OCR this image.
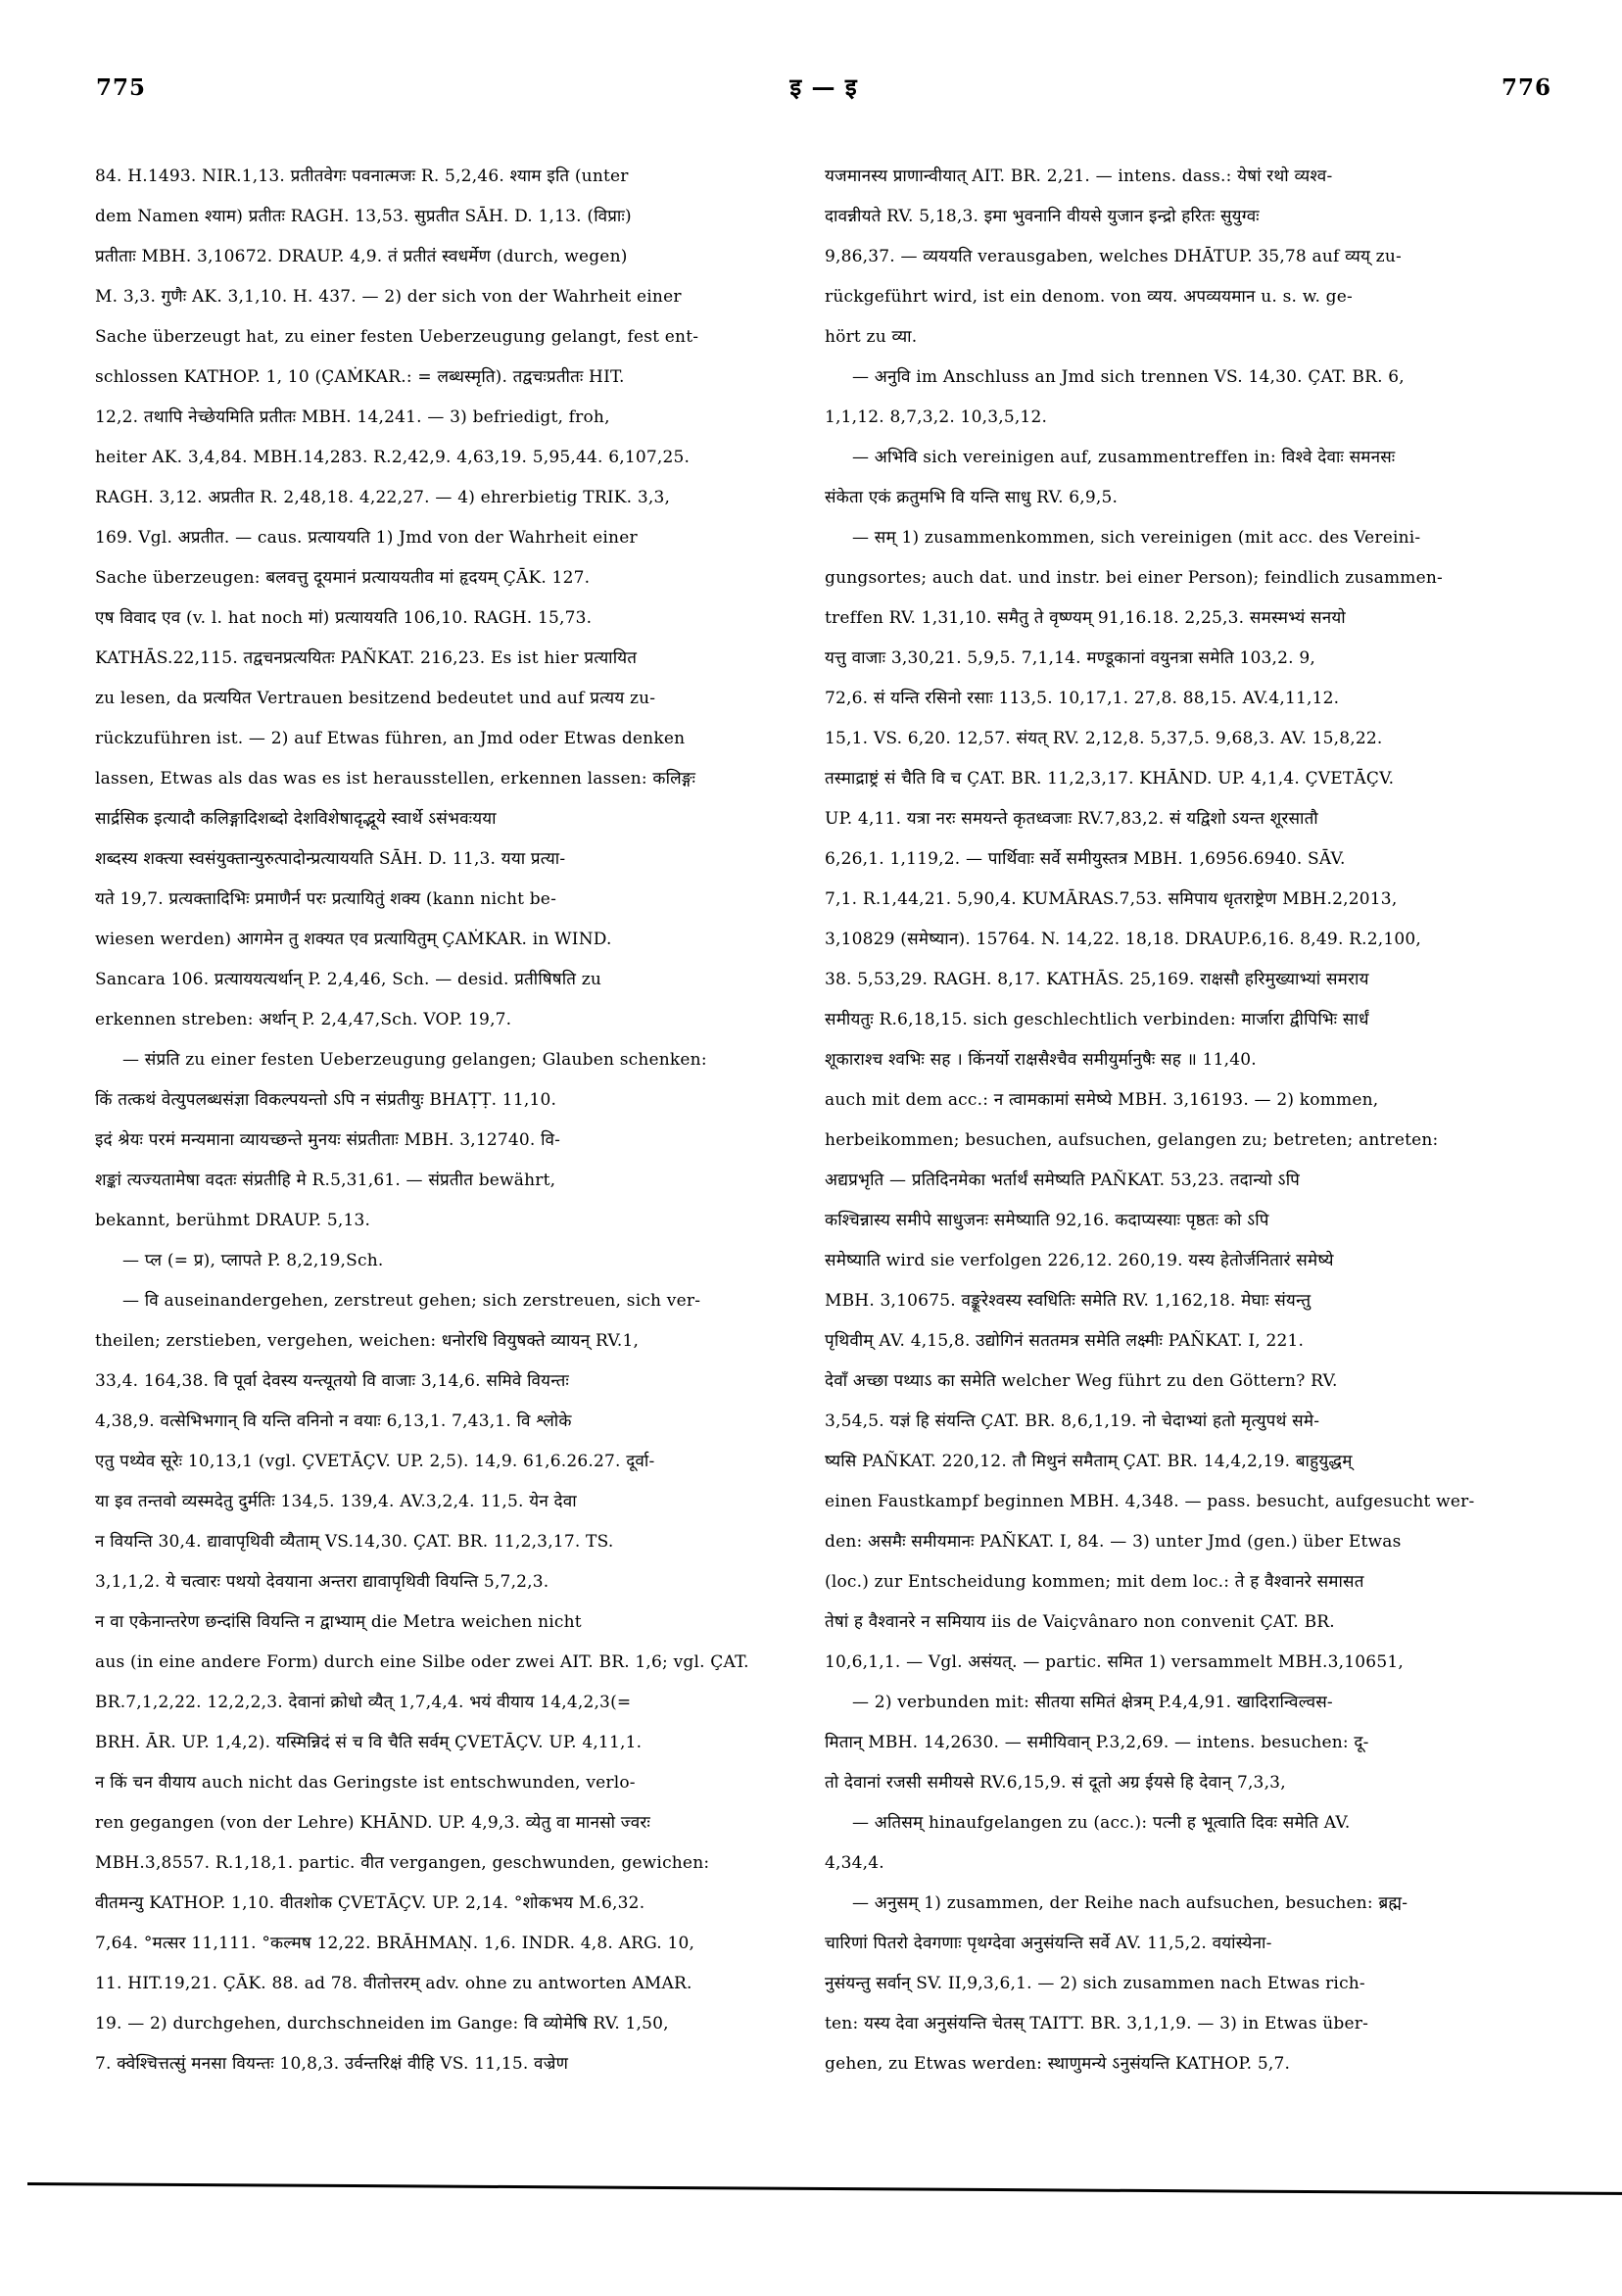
775	इ — इ	776
84. H.1493. NIR.1,13. प्रतीतवेगः पवनात्मजः R. 5,2,46. श्याम इति (unter
dem Namen श्याम) प्रतीतः RAGH. 13,53. सुप्रतीत SĀH. D. 1,13. (विप्राः)
प्रतीताः MBH. 3,10672. DRAUP. 4,9. तं प्रतीतं स्वधर्मेण (durch, wegen)
M. 3,3. गुणैः AK. 3,1,10. H. 437. — 2) der sich von der Wahrheit einer
Sache überzeugt hat, zu einer festen Ueberzeugung gelangt, fest ent-
schlossen KATHOP. 1, 10 (ÇAṀKAR.: = लब्धस्मृति). तद्वचःप्रतीतः HIT.
12,2. तथापि नेच्छेयमिति प्रतीतः MBH. 14,241. — 3) befriedigt, froh,
heiter AK. 3,4,84. MBH.14,283. R.2,42,9. 4,63,19. 5,95,44. 6,107,25.
RAGH. 3,12. अप्रतीत R. 2,48,18. 4,22,27. — 4) ehrerbietig TRIK. 3,3,
169. Vgl. अप्रतीत. — caus. प्रत्याययति 1) Jmd von der Wahrheit einer
Sache überzeugen: बलवत्तु दूयमानं प्रत्याययतीव मां हृदयम् ÇĀK. 127.
एष विवाद एव (v. l. hat noch मां) प्रत्याययति 106,10. RAGH. 15,73.
KATHĀS.22,115. तद्वचनप्रत्ययितः PAÑKAT. 216,23. Es ist hier प्रत्यायित
zu lesen, da प्रत्ययित Vertrauen besitzend bedeutet und auf प्रत्यय zu-
rückzuführen ist. — 2) auf Etwas führen, an Jmd oder Etwas denken
lassen, Etwas als das was es ist herausstellen, erkennen lassen: कलिङ्गः
सार्द्रसिक इत्यादौ कलिङ्गादिशब्दो देशविशेषादृद्भूये स्वार्थे ऽसंभवःयया
शब्दस्य शक्त्या स्वसंयुक्तान्युरुत्पादोन्प्रत्याययति SĀH. D. 11,3. यया प्रत्या-
यते 19,7. प्रत्यक्तादिभिः प्रमाणैर्न परः प्रत्यायितुं शक्य (kann nicht be-
wiesen werden) आगमेन तु शक्यत एव प्रत्यायितुम् ÇAṀKAR. in WIND.
Sancara 106. प्रत्याययत्यर्थान् P. 2,4,46, Sch. — desid. प्रतीषिषति zu
erkennen streben: अर्थान् P. 2,4,47,Sch. VOP. 19,7.
— संप्रति zu einer festen Ueberzeugung gelangen; Glauben schenken:
किं तत्कथं वेत्युपलब्धसंज्ञा विकल्पयन्तो ऽपि न संप्रतीयुः BHAṬṬ. 11,10.
इदं श्रेयः परमं मन्यमाना व्यायच्छन्ते मुनयः संप्रतीताः MBH. 3,12740. वि-
शङ्कां त्यज्यतामेषा वदतः संप्रतीहि मे R.5,31,61. — संप्रतीत bewährt,
bekannt, berühmt DRAUP. 5,13.
— प्ल (= प्र), प्लापते P. 8,2,19,Sch.
— वि auseinandergehen, zerstreut gehen; sich zerstreuen, sich ver-
theilen; zerstieben, vergehen, weichen: धनोरधि वियुषक्ते व्यायन् RV.1,
33,4. 164,38. वि पूर्वा देवस्य यन्त्यूतयो वि वाजाः 3,14,6. समिवे वियन्तः
4,38,9. वत्सेभिभगान् वि यन्ति वनिनो न वयाः 6,13,1. 7,43,1. वि श्लोके
एतु पथ्येव सूरेः 10,13,1 (vgl. ÇVETĀÇV. UP. 2,5). 14,9. 61,6.26.27. दूर्वा-
या इव तन्तवो व्यस्मदेतु दुर्मतिः 134,5. 139,4. AV.3,2,4. 11,5. येन देवा
न वियन्ति 30,4. द्यावापृथिवी व्यैताम् VS.14,30. ÇAT. BR. 11,2,3,17. TS.
3,1,1,2. ये चत्वारः पथयो देवयाना अन्तरा द्यावापृथिवी वियन्ति 5,7,2,3.
न वा एकेनान्तरेण छन्दांसि वियन्ति न द्वाभ्याम् die Metra weichen nicht
aus (in eine andere Form) durch eine Silbe oder zwei AIT. BR. 1,6; vgl. ÇAT.
BR.7,1,2,22. 12,2,2,3. देवानां क्रोधो व्यैत् 1,7,4,4. भयं वीयाय 14,4,2,3(=
BRH. ĀR. UP. 1,4,2). यस्मिन्निदं सं च वि चैति सर्वम् ÇVETĀÇV. UP. 4,11,1.
न किं चन वीयाय auch nicht das Geringste ist entschwunden, verlo-
ren gegangen (von der Lehre) KHĀND. UP. 4,9,3. व्येतु वा मानसो ज्वरः
MBH.3,8557. R.1,18,1. partic. वीत vergangen, geschwunden, gewichen:
वीतमन्यु KATHOP. 1,10. वीतशोक ÇVETĀÇV. UP. 2,14. °शोकभय M.6,32.
7,64. °मत्सर 11,111. °कल्मष 12,22. BRĀHMAṆ. 1,6. INDR. 4,8. ARG. 10,
11. HIT.19,21. ÇĀK. 88. ad 78. वीतोत्तरम् adv. ohne zu antworten AMAR.
19. — 2) durchgehen, durchschneiden im Gange: वि व्योमेषि RV. 1,50,
7. क्वेश्चित्तत्सुं मनसा वियन्तः 10,8,3. उर्वन्तरिक्षं वीहि VS. 11,15. वज्रेण
यजमानस्य प्राणान्वीयात् AIT. BR. 2,21. — intens. dass.: येषां रथो व्यश्व-
दावन्नीयते RV. 5,18,3. इमा भुवनानि वीयसे युजान इन्द्रो हरितः सुयुग्वः
9,86,37. — व्यययति verausgaben, welches DHĀTUP. 35,78 auf व्यय् zu-
rückgeführt wird, ist ein denom. von व्यय. अपव्ययमान u. s. w. ge-
hört zu व्या.
— अनुवि im Anschluss an Jmd sich trennen VS. 14,30. ÇAT. BR. 6,
1,1,12. 8,7,3,2. 10,3,5,12.
— अभिवि sich vereinigen auf, zusammentreffen in: विश्वे देवाः समनसः
संकेता एकं क्रतुमभि वि यन्ति साधु RV. 6,9,5.
— सम् 1) zusammenkommen, sich vereinigen (mit acc. des Vereini-
gungsortes; auch dat. und instr. bei einer Person); feindlich zusammen-
treffen RV. 1,31,10. समैतु ते वृष्ण्यम् 91,16.18. 2,25,3. समस्मभ्यं सनयो
यत्तु वाजाः 3,30,21. 5,9,5. 7,1,14. मण्डूकानां वयुनत्रा समेति 103,2. 9,
72,6. सं यन्ति रसिनो रसाः 113,5. 10,17,1. 27,8. 88,15. AV.4,11,12.
15,1. VS. 6,20. 12,57. संयत् RV. 2,12,8. 5,37,5. 9,68,3. AV. 15,8,22.
तस्माद्राष्ट्रं सं चैति वि च ÇAT. BR. 11,2,3,17. KHĀND. UP. 4,1,4. ÇVETĀÇV.
UP. 4,11. यत्रा नरः समयन्ते कृतध्वजाः RV.7,83,2. सं यद्विशो ऽयन्त शूरसातौ
6,26,1. 1,119,2. — पार्थिवाः सर्वे समीयुस्तत्र MBH. 1,6956.6940. SĀV.
7,1. R.1,44,21. 5,90,4. KUMĀRAS.7,53. समिपाय धृतराष्ट्रेण MBH.2,2013,
3,10829 (समेष्यान). 15764. N. 14,22. 18,18. DRAUP.6,16. 8,49. R.2,100,
38. 5,53,29. RAGH. 8,17. KATHĀS. 25,169. राक्षसौ हरिमुख्याभ्यां समराय
समीयतुः R.6,18,15. sich geschlechtlich verbinden: मार्जारा द्वीपिभिः सार्धं
शूकाराश्च श्वभिः सह । किंनर्यो राक्षसैश्चैव समीयुर्मानुषैः सह ॥ 11,40.
auch mit dem acc.: न त्वामकामां समेष्ये MBH. 3,16193. — 2) kommen,
herbeikommen; besuchen, aufsuchen, gelangen zu; betreten; antreten:
अद्यप्रभृति — प्रतिदिनमेका भर्तार्थं समेष्यति PAÑKAT. 53,23. तदान्यो ऽपि
कश्चिन्नास्य समीपे साधुजनः समेष्याति 92,16. कदाप्यस्याः पृष्ठतः को ऽपि
समेष्याति wird sie verfolgen 226,12. 260,19. यस्य हेतोर्जनितारं समेष्ये
MBH. 3,10675. वङ्कूरेश्वस्य स्वधितिः समेति RV. 1,162,18. मेघाः संयन्तु
पृथिवीम् AV. 4,15,8. उद्योगिनं सततमत्र समेति लक्ष्मीः PAÑKAT. I, 221.
देवाँ अच्छा पथ्याऽ का समेति welcher Weg führt zu den Göttern? RV.
3,54,5. यज्ञं हि संयन्ति ÇAT. BR. 8,6,1,19. नो चेदाभ्यां हतो मृत्युपथं समे-
ष्यसि PAÑKAT. 220,12. तौ मिथुनं समैताम् ÇAT. BR. 14,4,2,19. बाहुयुद्धम्
einen Faustkampf beginnen MBH. 4,348. — pass. besucht, aufgesucht wer-
den: असमैः समीयमानः PAÑKAT. I, 84. — 3) unter Jmd (gen.) über Etwas
(loc.) zur Entscheidung kommen; mit dem loc.: ते ह वैश्वानरे समासत
तेषां ह वैश्वानरे न समियाय iis de Vaiçvânaro non convenit ÇAT. BR.
10,6,1,1. — Vgl. असंयत्. — partic. समित 1) versammelt MBH.3,10651,
— 2) verbunden mit: सीतया समितं क्षेत्रम् P.4,4,91. खादिरान्विल्वस-
मितान् MBH. 14,2630. — समीयिवान् P.3,2,69. — intens. besuchen: दू-
तो देवानां रजसी समीयसे RV.6,15,9. सं दूतो अग्र ईयसे हि देवान् 7,3,3,
— अतिसम् hinaufgelangen zu (acc.): पत्नी ह भूत्वाति दिवः समेति AV.
4,34,4.
— अनुसम् 1) zusammen, der Reihe nach aufsuchen, besuchen: ब्रह्म-
चारिणां पितरो देवगणाः पृथग्देवा अनुसंयन्ति सर्वे AV. 11,5,2. वयांस्येना-
नुसंयन्तु सर्वान् SV. II,9,3,6,1. — 2) sich zusammen nach Etwas rich-
ten: यस्य देवा अनुसंयन्ति चेतस् TAITT. BR. 3,1,1,9. — 3) in Etwas über-
gehen, zu Etwas werden: स्थाणुमन्ये ऽनुसंयन्ति KATHOP. 5,7.
